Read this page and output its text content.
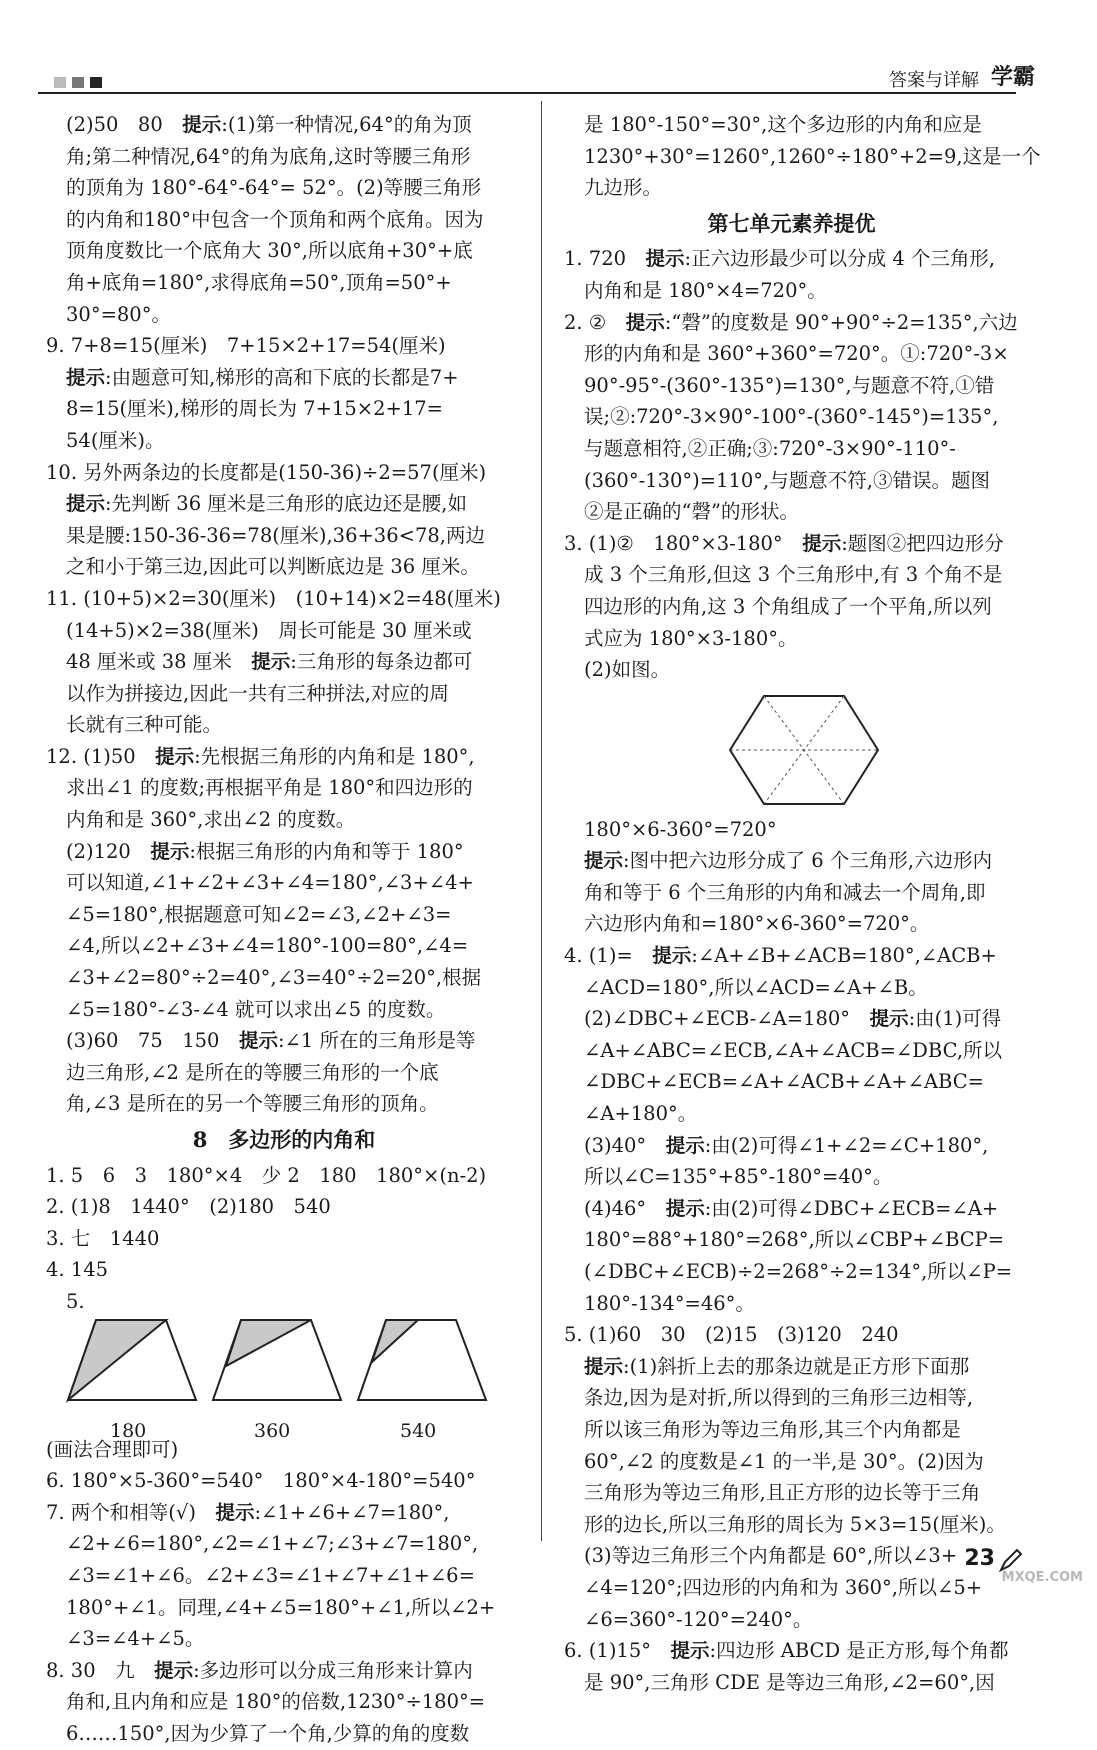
答案与详解 学霸
(2)50　80　提示:(1)第一种情况,64°的角为顶
角;第二种情况,64°的角为底角,这时等腰三角形
的顶角为 180°-64°-64°= 52°。(2)等腰三角形
的内角和180°中包含一个顶角和两个底角。因为
顶角度数比一个底角大 30°,所以底角+30°+底
角+底角=180°,求得底角=50°,顶角=50°+
30°=80°。
9. 7+8=15(厘米)　7+15×2+17=54(厘米)
提示:由题意可知,梯形的高和下底的长都是7+
8=15(厘米),梯形的周长为 7+15×2+17=
54(厘米)。
10. 另外两条边的长度都是(150-36)÷2=57(厘米)
提示:先判断 36 厘米是三角形的底边还是腰,如
果是腰:150-36-36=78(厘米),36+36<78,两边
之和小于第三边,因此可以判断底边是 36 厘米。
11. (10+5)×2=30(厘米)　(10+14)×2=48(厘米)
(14+5)×2=38(厘米)　周长可能是 30 厘米或
48 厘米或 38 厘米　提示:三角形的每条边都可
以作为拼接边,因此一共有三种拼法,对应的周
长就有三种可能。
12. (1)50　提示:先根据三角形的内角和是 180°,
求出∠1 的度数;再根据平角是 180°和四边形的
内角和是 360°,求出∠2 的度数。
(2)120　提示:根据三角形的内角和等于 180°
可以知道,∠1+∠2+∠3+∠4=180°,∠3+∠4+
∠5=180°,根据题意可知∠2=∠3,∠2+∠3=
∠4,所以∠2+∠3+∠4=180°-100=80°,∠4=
∠3+∠2=80°÷2=40°,∠3=40°÷2=20°,根据
∠5=180°-∠3-∠4 就可以求出∠5 的度数。
(3)60　75　150　提示:∠1 所在的三角形是等
边三角形,∠2 是所在的等腰三角形的一个底
角,∠3 是所在的另一个等腰三角形的顶角。
8　多边形的内角和
1. 5　6　3　180°×4　少 2　180　180°×(n-2)
2. (1)8　1440°　(2)180　540
3. 七　1440
4. 145
5.
180	360	540
(画法合理即可)
6. 180°×5-360°=540°　180°×4-180°=540°
7. 两个和相等(√)　提示:∠1+∠6+∠7=180°,
∠2+∠6=180°,∠2=∠1+∠7;∠3+∠7=180°,
∠3=∠1+∠6。∠2+∠3=∠1+∠7+∠1+∠6=
180°+∠1。同理,∠4+∠5=180°+∠1,所以∠2+
∠3=∠4+∠5。
8. 30　九　提示:多边形可以分成三角形来计算内
角和,且内角和应是 180°的倍数,1230°÷180°=
6……150°,因为少算了一个角,少算的角的度数
是 180°-150°=30°,这个多边形的内角和应是
1230°+30°=1260°,1260°÷180°+2=9,这是一个
九边形。
第七单元素养提优
1. 720　提示:正六边形最少可以分成 4 个三角形,
内角和是 180°×4=720°。
2. ②　提示:“磬”的度数是 90°+90°÷2=135°,六边
形的内角和是 360°+360°=720°。①:720°-3×
90°-95°-(360°-135°)=130°,与题意不符,①错
误;②:720°-3×90°-100°-(360°-145°)=135°,
与题意相符,②正确;③:720°-3×90°-110°-
(360°-130°)=110°,与题意不符,③错误。题图
②是正确的“磬”的形状。
3. (1)②　180°×3-180°　提示:题图②把四边形分
成 3 个三角形,但这 3 个三角形中,有 3 个角不是
四边形的内角,这 3 个角组成了一个平角,所以列
式应为 180°×3-180°。
(2)如图。
180°×6-360°=720°
提示:图中把六边形分成了 6 个三角形,六边形内
角和等于 6 个三角形的内角和减去一个周角,即
六边形内角和=180°×6-360°=720°。
4. (1)=　提示:∠A+∠B+∠ACB=180°,∠ACB+
∠ACD=180°,所以∠ACD=∠A+∠B。
(2)∠DBC+∠ECB-∠A=180°　提示:由(1)可得
∠A+∠ABC=∠ECB,∠A+∠ACB=∠DBC,所以
∠DBC+∠ECB=∠A+∠ACB+∠A+∠ABC=
∠A+180°。
(3)40°　提示:由(2)可得∠1+∠2=∠C+180°,
所以∠C=135°+85°-180°=40°。
(4)46°　提示:由(2)可得∠DBC+∠ECB=∠A+
180°=88°+180°=268°,所以∠CBP+∠BCP=
(∠DBC+∠ECB)÷2=268°÷2=134°,所以∠P=
180°-134°=46°。
5. (1)60　30　(2)15　(3)120　240
提示:(1)斜折上去的那条边就是正方形下面那
条边,因为是对折,所以得到的三角形三边相等,
所以该三角形为等边三角形,其三个内角都是
60°,∠2 的度数是∠1 的一半,是 30°。(2)因为
三角形为等边三角形,且正方形的边长等于三角
形的边长,所以三角形的周长为 5×3=15(厘米)。
(3)等边三角形三个内角都是 60°,所以∠3+
∠4=120°;四边形的内角和为 360°,所以∠5+
∠6=360°-120°=240°。
6. (1)15°　提示:四边形 ABCD 是正方形,每个角都
是 90°,三角形 CDE 是等边三角形,∠2=60°,因
23
MXQE.COM
